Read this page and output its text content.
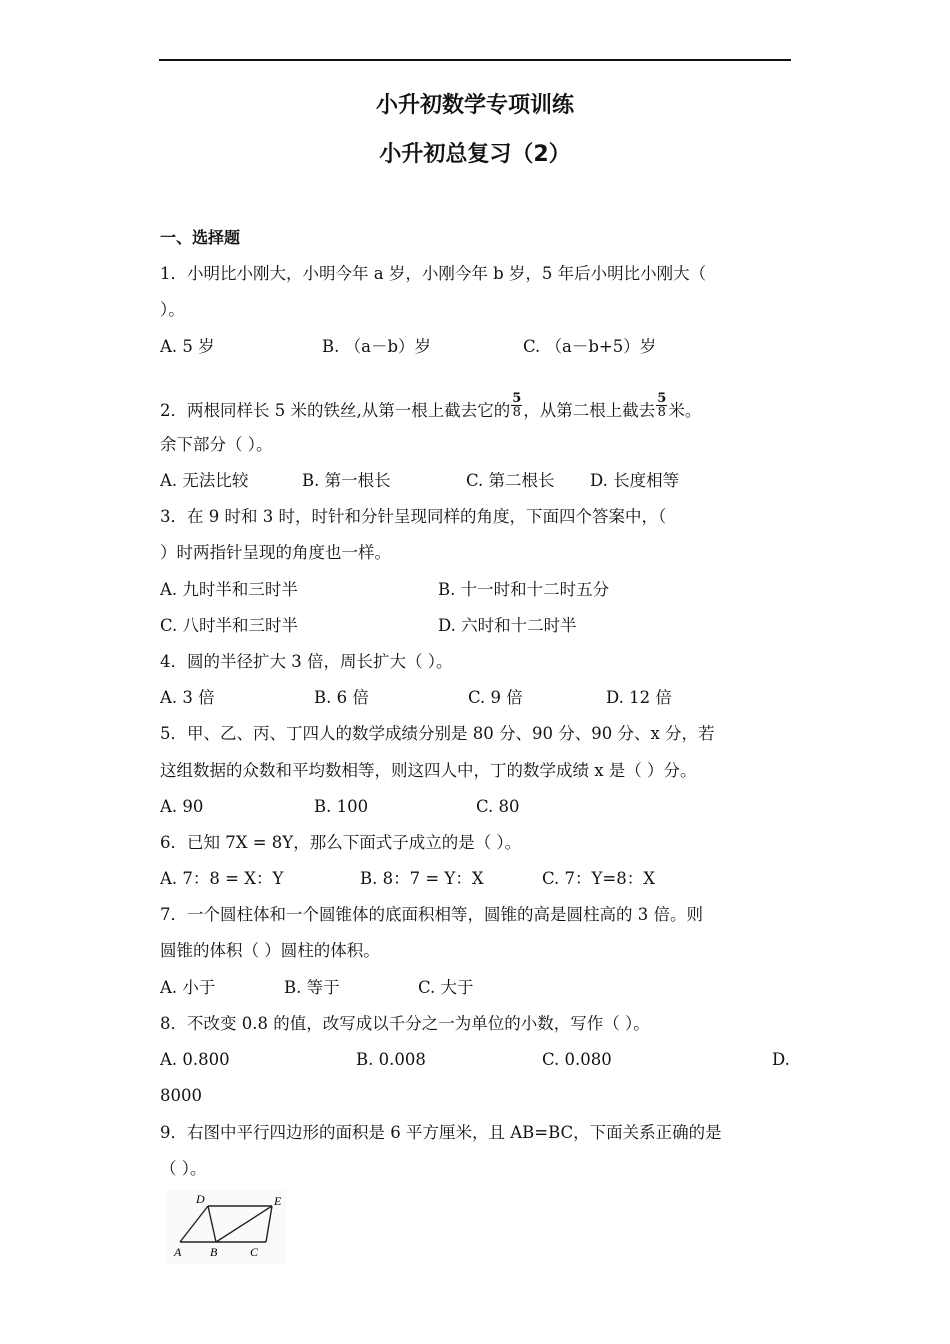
小升初数学专项训练
小升初总复习（2）
一、选择题
1．小明比小刚大，小明今年 a 岁，小刚今年 b 岁，5 年后小明比小刚大（
）。
A. 5 岁	B. （a－b）岁	C. （a－b+5）岁
2．两根同样长 5 米的铁丝,从第一根上截去它的 $\frac{5}{8}$ ，从第二根上截去 $\frac{5}{8}$ 米。
余下部分（ ）。
A. 无法比较	B. 第一根长	C. 第二根长 D. 长度相等
3．在 9 时和 3 时，时针和分针呈现同样的角度，下面四个答案中，（
）时两指针呈现的角度也一样。
A. 九时半和三时半	B. 十一时和十二时五分
C. 八时半和三时半	D. 六时和十二时半
4．圆的半径扩大 3 倍，周长扩大（ ）。
A. 3 倍	B. 6 倍	C. 9 倍	D. 12 倍
5．甲、乙、丙、丁四人的数学成绩分别是 80 分、90 分、90 分、x 分，若
这组数据的众数和平均数相等，则这四人中，丁的数学成绩 x 是（ ）分。
A. 90	B. 100	C. 80
6．已知 7X = 8Y，那么下面式子成立的是（ ）。
A. 7：8 = X：Y	B. 8：7 = Y：X	C. 7：Y=8：X
7．一个圆柱体和一个圆锥体的底面积相等，圆锥的高是圆柱高的 3 倍。则
圆锥的体积（ ）圆柱的体积。
A. 小于	B. 等于	C. 大于
8．不改变 0.8 的值，改写成以千分之一为单位的小数，写作（ ）。
A. 0.800	B. 0.008	C. 0.080	D.
8000
9．右图中平行四边形的面积是 6 平方厘米，且 AB=BC，下面关系正确的是
（ ）。
A B	C
D	E
